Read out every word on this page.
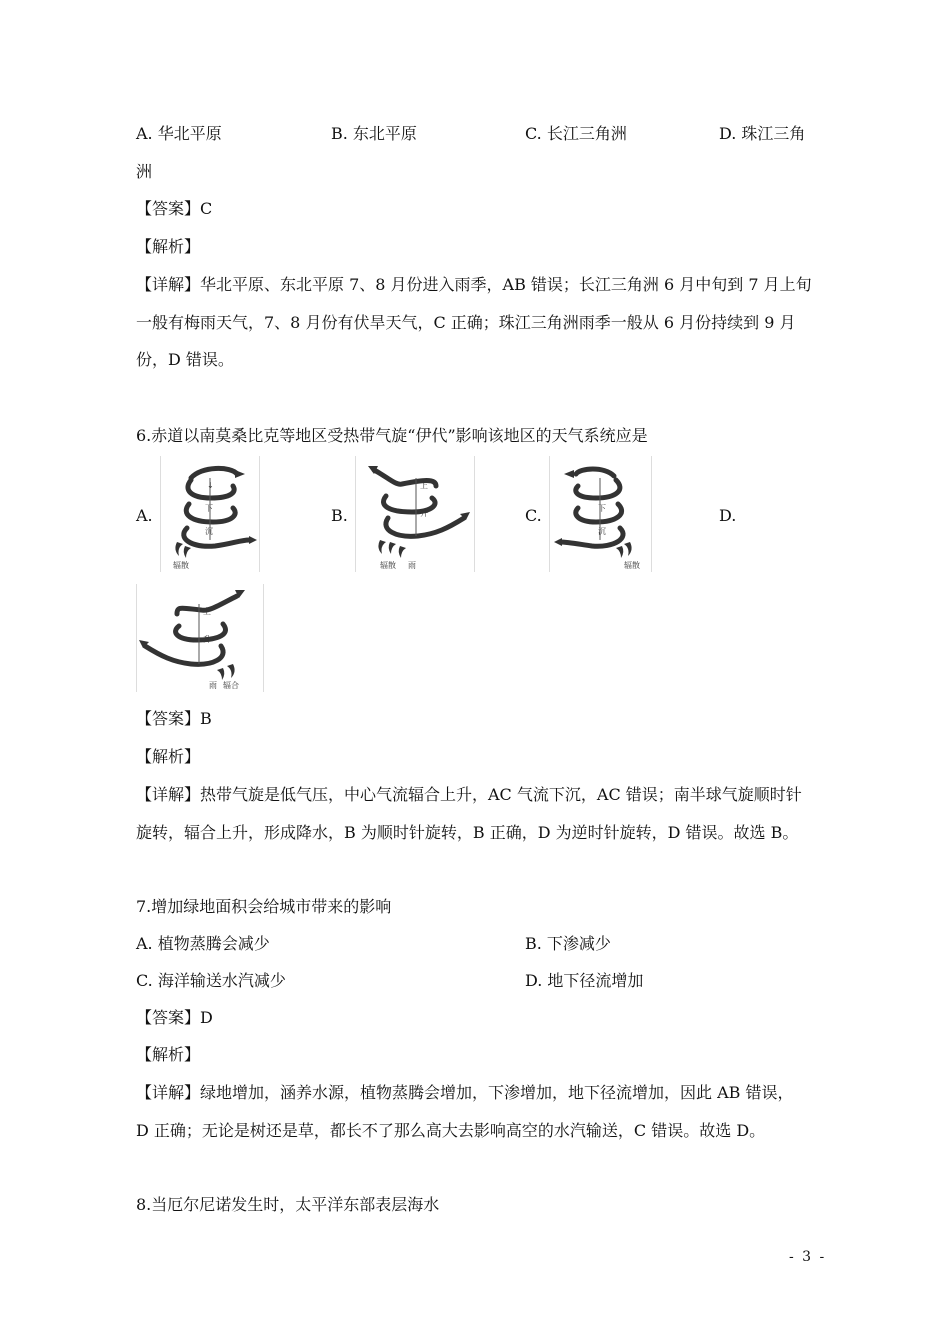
A. 华北平原	B. 东北平原	C. 长江三角洲	D. 珠江三角
洲
【答案】C
【解析】
【详解】华北平原、东北平原 7、8 月份进入雨季，AB 错误；长江三角洲 6 月中旬到 7 月上旬
一般有梅雨天气，7、8 月份有伏旱天气，C 正确；珠江三角洲雨季一般从 6 月份持续到 9 月
份，D 错误。
6.赤道以南莫桑比克等地区受热带气旋“伊代”影响该地区的天气系统应是
A.	B.	C.	D.
↓
下
沉
辐散
上
升
辐散 雨
下
沉
辐散
上
升
雨 辐合
【答案】B
【解析】
【详解】热带气旋是低气压，中心气流辐合上升，AC 气流下沉，AC 错误；南半球气旋顺时针
旋转，辐合上升，形成降水，B 为顺时针旋转，B 正确，D 为逆时针旋转，D 错误。故选 B。
7.增加绿地面积会给城市带来的影响
A. 植物蒸腾会减少	B. 下渗减少
C. 海洋输送水汽减少	D. 地下径流增加
【答案】D
【解析】
【详解】绿地增加，涵养水源，植物蒸腾会增加，下渗增加，地下径流增加，因此 AB 错误，
D 正确；无论是树还是草，都长不了那么高大去影响高空的水汽输送，C 错误。故选 D。
8.当厄尔尼诺发生时，太平洋东部表层海水
- 3 -
